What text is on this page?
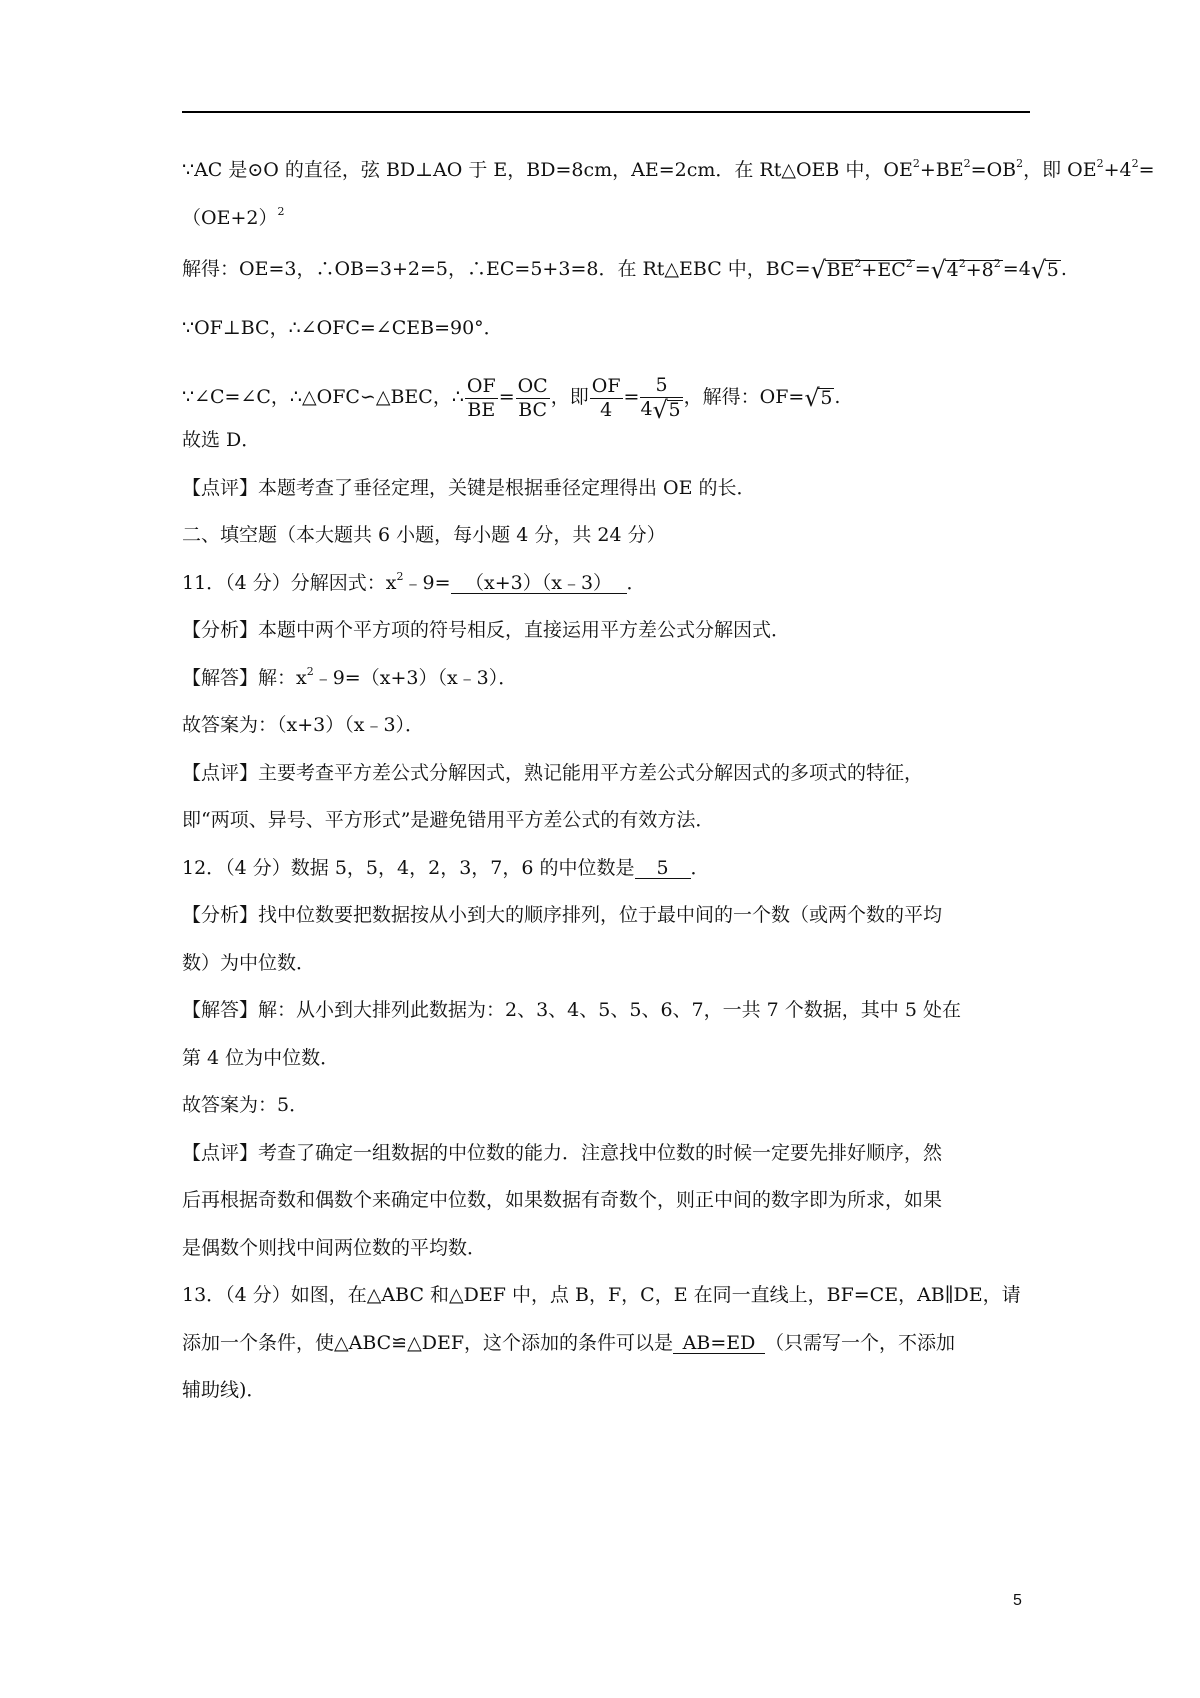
∵AC 是⊙O 的直径，弦 BD⊥AO 于 E，BD=8cm，AE=2cm．在 Rt△OEB 中，$OE^2+BE^2=OB^2$，即 $OE^2+4^2=$
$(OE+2)^2$
解得：OE=3，∴OB=3+2=5，∴EC=5+3=8．在 Rt△EBC 中，BC=√ $BE^2+EC^2$ =√ $4^2+8^2 =4√$ 5 .
∵OF⊥BC，∴∠OFC=∠CEB=90°．
∵∠C=∠C，∴△OFC∽△BEC，∴ $\frac{OF}{BE} = \frac{OC}{BC}$ ，即 $\frac{OF}{4} = \frac{5}{4√ 5}$ ，解得：OF=√ 5 .
故选 D．
【点评】本题考查了垂径定理，关键是根据垂径定理得出 OE 的长．
二、填空题（本大题共 6 小题，每小题 4 分，共 24 分）
11．（4 分）分解因式：$x^2﹣9=$ （x+3）（x﹣3） ．
【分析】本题中两个平方项的符号相反，直接运用平方差公式分解因式．
【解答】解：$x^2﹣9=(x+3)(x﹣3)$．
故答案为：（x+3）（x﹣3）．
【点评】主要考查平方差公式分解因式，熟记能用平方差公式分解因式的多项式的特征，
即“两项、异号、平方形式”是避免错用平方差公式的有效方法．
12．（4 分）数据 5，5，4，2，3，7，6 的中位数是 5 ．
【分析】找中位数要把数据按从小到大的顺序排列，位于最中间的一个数（或两个数的平均
数）为中位数．
【解答】解：从小到大排列此数据为：2、3、4、5、5、6、7，一共 7 个数据，其中 5 处在
第 4 位为中位数．
故答案为：5．
【点评】考查了确定一组数据的中位数的能力．注意找中位数的时候一定要先排好顺序，然
后再根据奇数和偶数个来确定中位数，如果数据有奇数个，则正中间的数字即为所求，如果
是偶数个则找中间两位数的平均数．
13．（4 分）如图，在△ABC 和△DEF 中，点 B，F，C，E 在同一直线上，BF=CE，AB∥DE，请
添加一个条件，使△ABC≌△DEF，这个添加的条件可以是 AB=ED （只需写一个，不添加
辅助线)．
5
